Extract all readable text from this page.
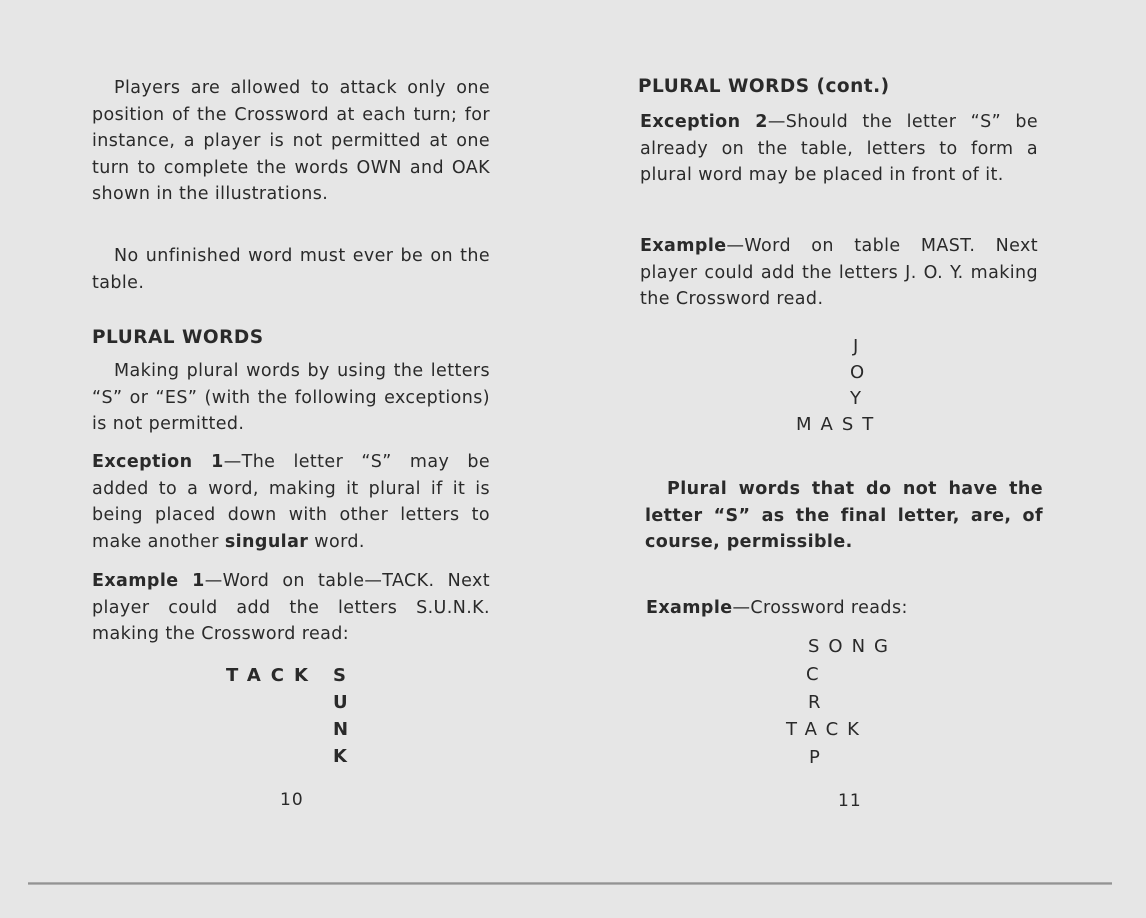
Players are allowed to attack only one position of the Crossword at each turn; for instance, a player is not permitted at one turn to complete the words OWN and OAK shown in the illustrations.

No unfinished word must ever be on the table.

PLURAL WORDS

Making plural words by using the letters “S” or “ES” (with the following exceptions) is not permitted.

Exception 1—The letter “S” may be added to a word, making it plural if it is being placed down with other letters to make another singular word.

Example 1—Word on table—TACK. Next player could add the letters S.U.N.K. making the Crossword read:

TACK S
U
N
K
10
PLURAL WORDS (cont.)

Exception 2—Should the letter “S” be already on the table, letters to form a plural word may be placed in front of it.

Example—Word on table MAST. Next player could add the letters J. O. Y. making the Crossword read.

J
O
Y
MAST

Plural words that do not have the letter “S” as the final letter, are, of course, permissible.

Example—Crossword reads:

SONG
C
R
TACK
P
11
